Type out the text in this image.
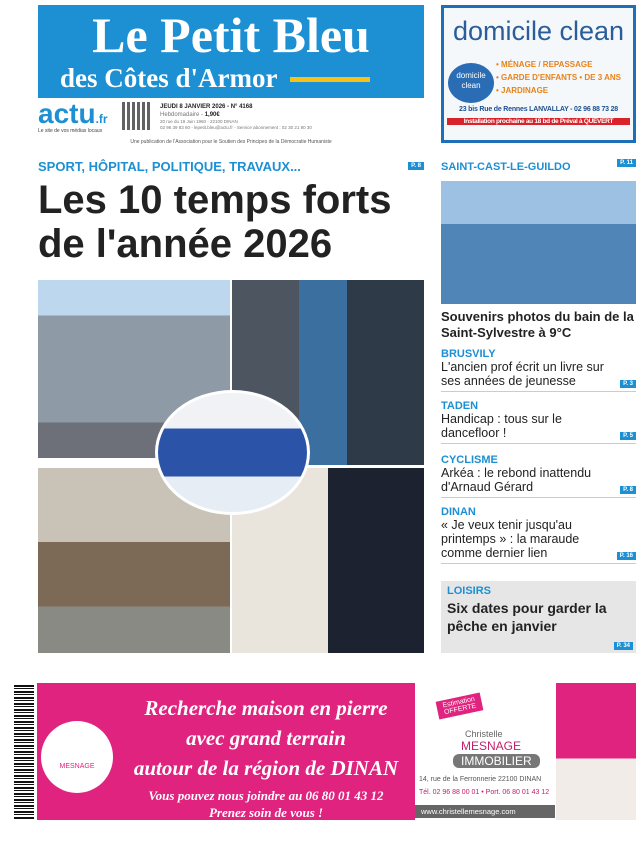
Le Petit Bleu
des Côtes d'Armor
actu.fr
Le site de vos médias locaux
JEUDI 8 JANVIER 2026 - N° 4168
Hebdomadaire - 1,90€
20 rue du 19 Juin 1960 - 22100 DINAN
02 96 39 83 60 - lepetit.bleu@actu.fr - Service abonnement : 02 30 21 80 30
Une publication de l'Association pour le Soutien des Principes de la Démocratie Humaniste
domicile clean
domicile clean
• MÉNAGE / REPASSAGE
• GARDE D'ENFANTS • DE 3 ANS
• JARDINAGE
23 bis Rue de Rennes LANVALLAY - 02 96 88 73 28
Installation prochaine au 18 bd de Préval à QUÉVERT
SPORT, HÔPITAL, POLITIQUE, TRAVAUX...	P. 8
Les 10 temps forts de l'année 2026
SAINT-CAST-LE-GUILDO	P. 11
Souvenirs photos du bain de la Saint-Sylvestre à 9°C
BRUSVILY
L'ancien prof écrit un livre sur ses années de jeunesse	P. 3
TADEN
Handicap : tous sur le dancefloor !	P. 5
CYCLISME
Arkéa : le rebond inattendu d'Arnaud Gérard	P. 8
DINAN
« Je veux tenir jusqu'au printemps » : la maraude comme dernier lien	P. 16
LOISIRS
Six dates pour garder la pêche en janvier
P. 34
MESNAGE
Recherche maison en pierre
avec grand terrain
autour de la région de DINAN
Vous pouvez nous joindre au 06 80 01 43 12
Prenez soin de vous !
Estimation OFFERTE
Christelle
MESNAGE
IMMOBILIER
14, rue de la Ferronnerie 22100 DINAN
Tél. 02 96 88 00 01 • Port. 06 80 01 43 12
www.christellemesnage.com
